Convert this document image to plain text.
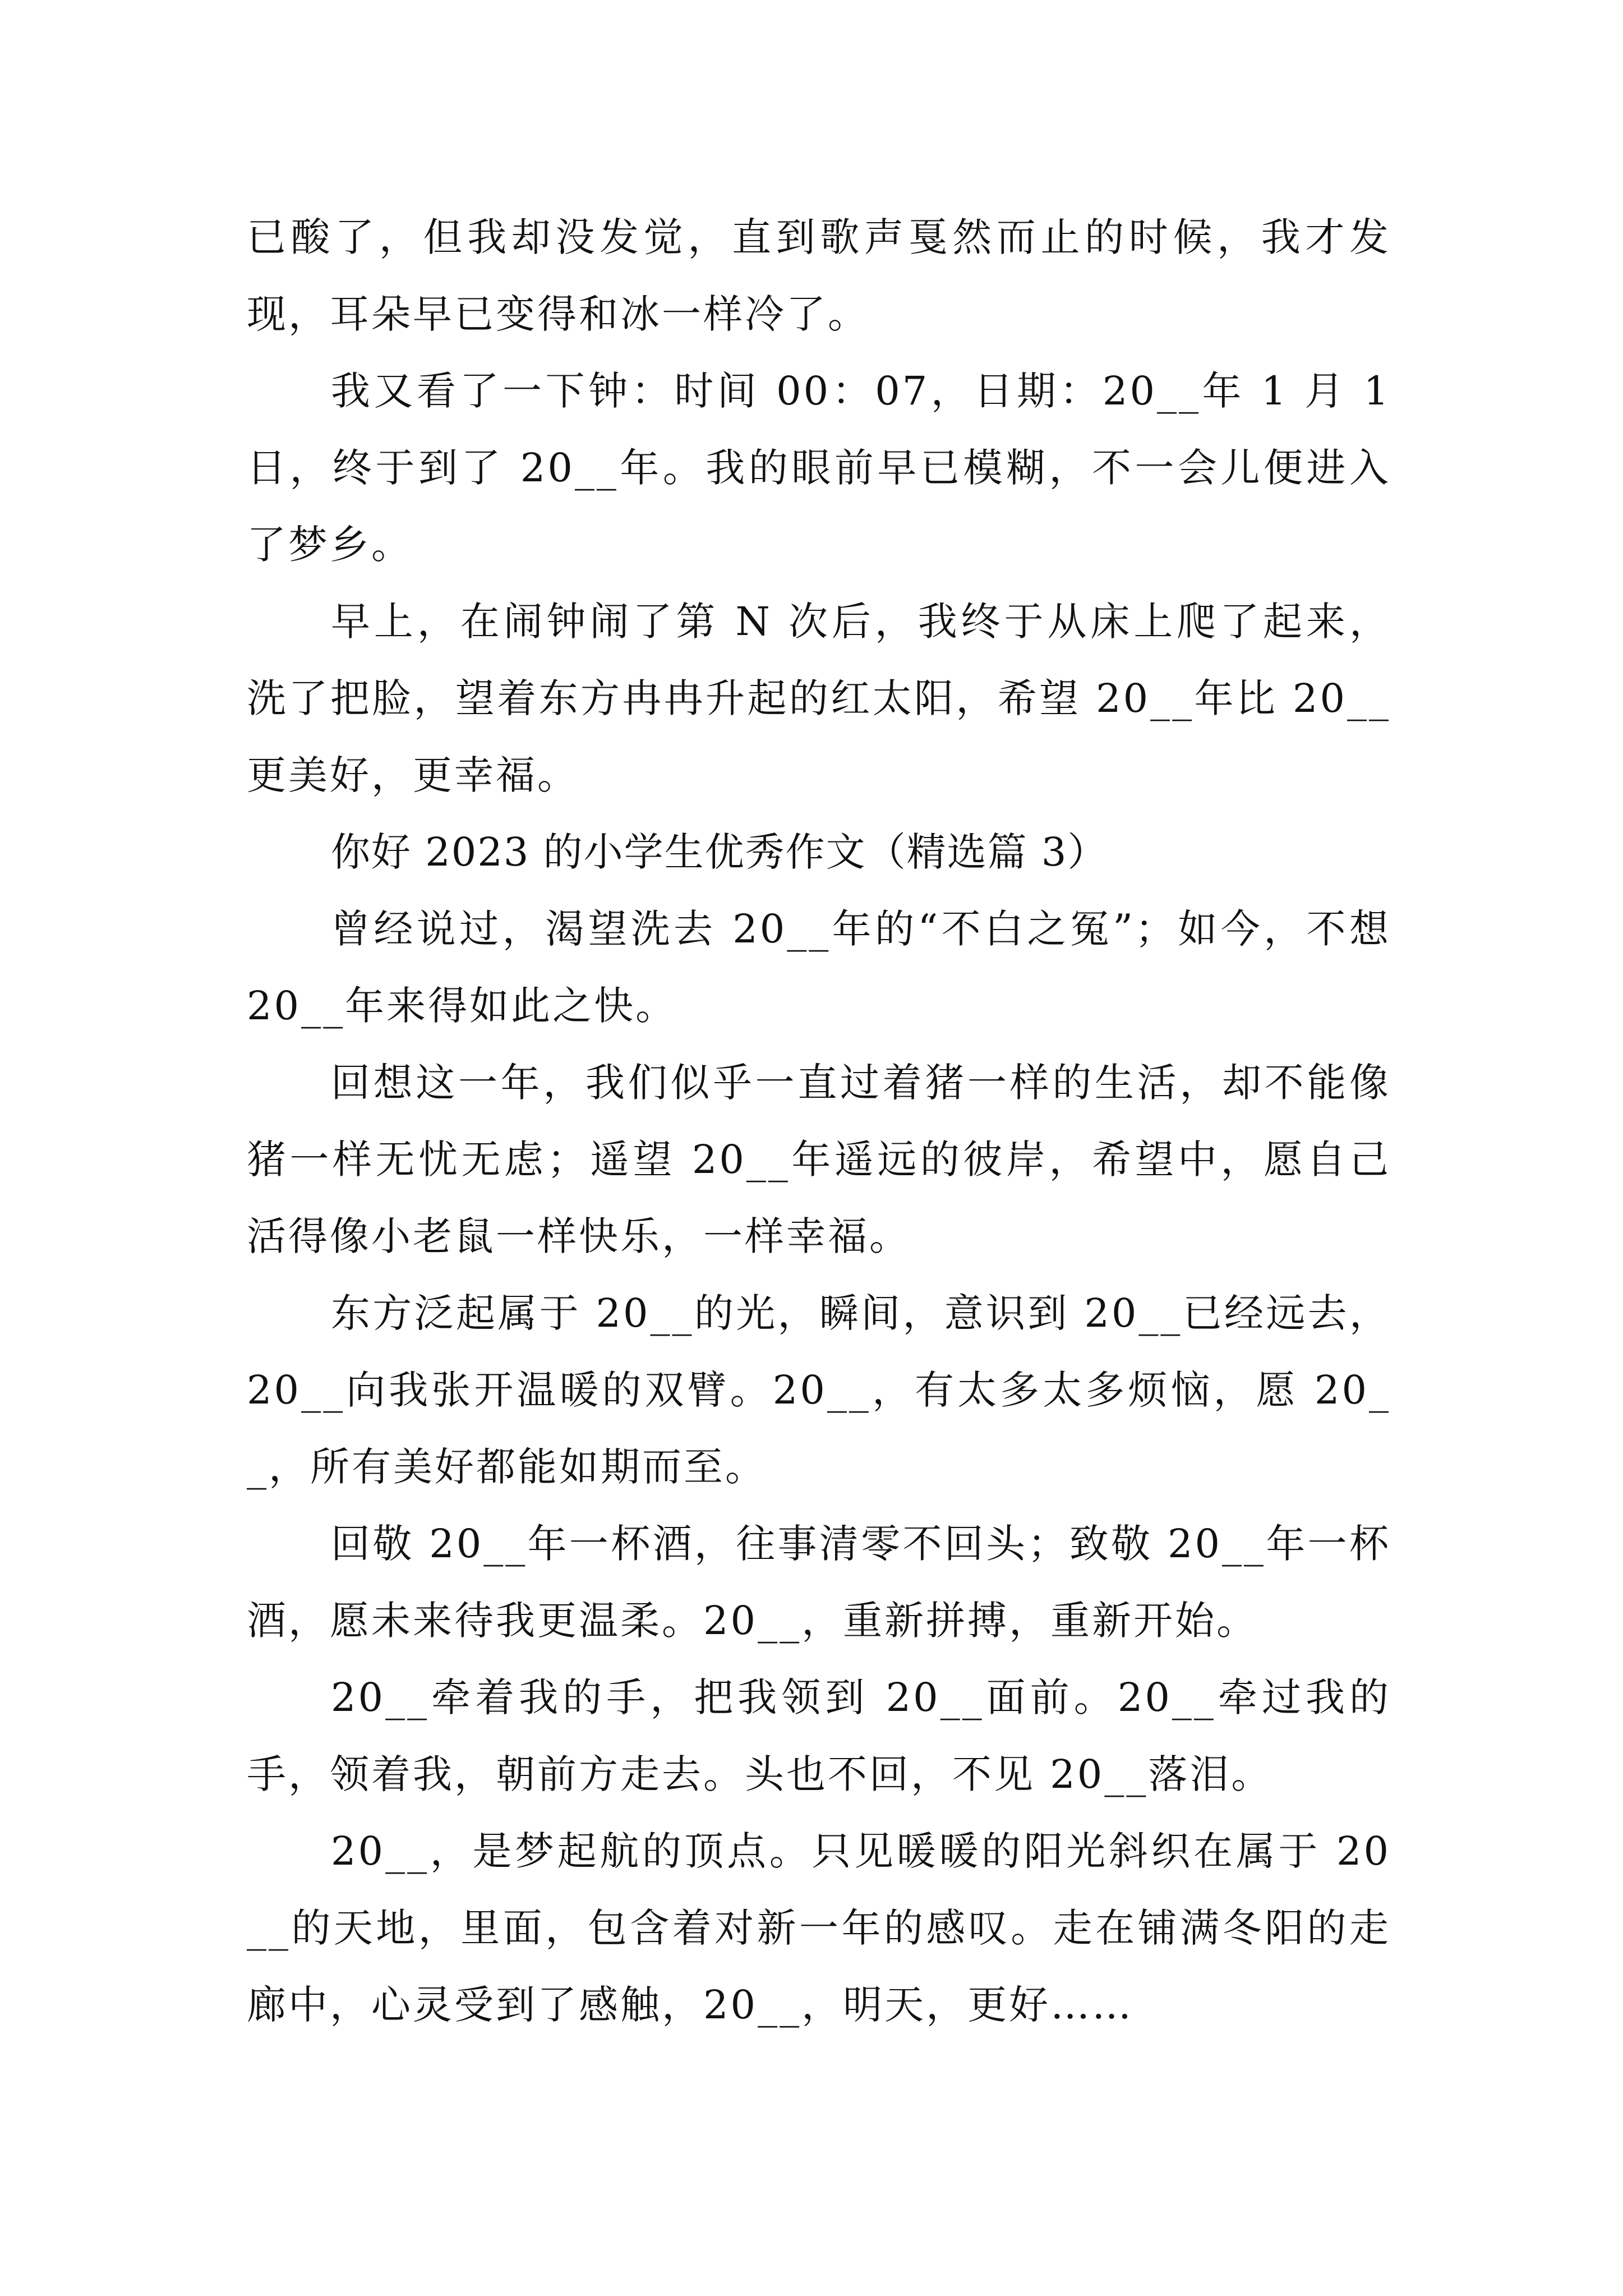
已酸了，但我却没发觉，直到歌声戛然而止的时候，我才发现，耳朵早已变得和冰一样冷了。

我又看了一下钟：时间 00：07，日期：20__年 1 月 1 日，终于到了 20__年。我的眼前早已模糊，不一会儿便进入了梦乡。

早上，在闹钟闹了第 N 次后，我终于从床上爬了起来，洗了把脸，望着东方冉冉升起的红太阳，希望 20__年比 20__更美好，更幸福。

你好 2023 的小学生优秀作文（精选篇 3）

曾经说过，渴望洗去 20__年的“不白之冤”；如今，不想 20__年来得如此之快。

回想这一年，我们似乎一直过着猪一样的生活，却不能像猪一样无忧无虑；遥望 20__年遥远的彼岸，希望中，愿自己活得像小老鼠一样快乐，一样幸福。

东方泛起属于 20__的光，瞬间，意识到 20__已经远去，20__向我张开温暖的双臂。20__，有太多太多烦恼，愿 20__，所有美好都能如期而至。

回敬 20__年一杯酒，往事清零不回头；致敬 20__年一杯酒，愿未来待我更温柔。20__，重新拼搏，重新开始。

20__牵着我的手，把我领到 20__面前。20__牵过我的手，领着我，朝前方走去。头也不回，不见 20__落泪。

20__，是梦起航的顶点。只见暖暖的阳光斜织在属于 20__的天地，里面，包含着对新一年的感叹。走在铺满冬阳的走廊中，心灵受到了感触，20__，明天，更好……
